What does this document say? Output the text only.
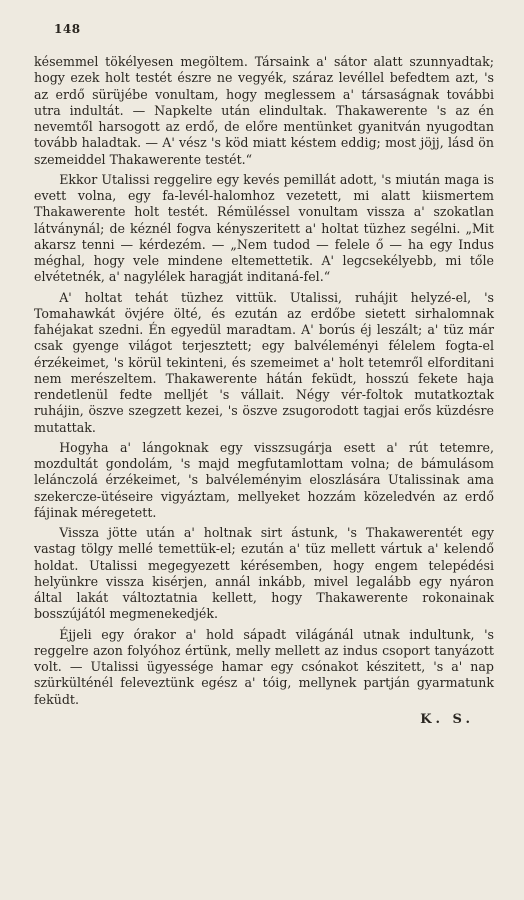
148

késemmel tökélyesen megöltem. Társaink a' sátor alatt szunnyadtak; hogy ezek holt testét észre ne vegyék, száraz levéllel befedtem azt, 's az erdő sürüjébe vonultam, hogy meglessem a' társaságnak további utra indultát. — Napkelte után elindultak. Thakawerente 's az én nevemtől harsogott az erdő, de előre mentünket gyanitván nyugodtan tovább haladtak. — A' vész 's köd miatt késtem eddig; most jöjj, lásd ön szemeiddel Thakawerente testét.“

Ekkor Utalissi reggelire egy kevés pemillát adott, 's miután maga is evett volna, egy fa-levél-halomhoz vezetett, mi alatt kiismertem Thakawerente holt testét. Rémüléssel vonultam vissza a' szokatlan látványnál; de kéznél fogva kényszeritett a' holtat tüzhez segélni. „Mit akarsz tenni — kérdezém. — „Nem tudod — felele ő — ha egy Indus méghal, hogy vele mindene eltemettetik. A' legcsekélyebb, mi tőle elvétetnék, a' nagylélek haragját inditaná-fel.“

A' holtat tehát tüzhez vittük. Utalissi, ruhájit helyzé-el, 's Tomahawkát övjére ölté, és ezután az erdőbe sietett sirhalomnak fahéjakat szedni. Én egyedül maradtam. A' borús éj leszált; a' tüz már csak gyenge világot terjesztett; egy balvéleményi félelem fogta-el érzékeimet, 's körül tekinteni, és szemeimet a' holt tetemről elforditani nem merészeltem. Thakawerente hátán feküdt, hosszú fekete haja rendetlenül fedte melljét 's vállait. Négy vér-foltok mutatkoztak ruhájin, öszve szegzett kezei, 's öszve zsugorodott tagjai erős küzdésre mutattak.

Hogyha a' lángoknak egy visszsugárja esett a' rút tetemre, mozdultát gondolám, 's majd megfutamlottam volna; de bámulásom lelánczolá érzékeimet, 's balvéleményim eloszlására Utalissinak ama szekercze-ütéseire vigyáztam, mellyeket hozzám közeledvén az erdő fájinak méregetett.

Vissza jötte után a' holtnak sirt ástunk, 's Thakawerentét egy vastag tölgy mellé temettük-el; ezután a' tüz mellett vártuk a' kelendő holdat. Utalissi megegyezett kérésemben, hogy engem telepédési helyünkre vissza kisérjen, annál inkább, mivel legalább egy nyáron által lakát változtatnia kellett, hogy Thakawerente rokonainak bosszújától megmenekedjék.

Éjjeli egy órakor a' hold sápadt világánál utnak indultunk, 's reggelre azon folyóhoz értünk, melly mellett az indus csoport tanyázott volt. — Utalissi ügyessége hamar egy csónakot készitett, 's a' nap szürkülténél feleveztünk egész a' tóig, mellynek partján gyarmatunk feküdt.

K. S.
